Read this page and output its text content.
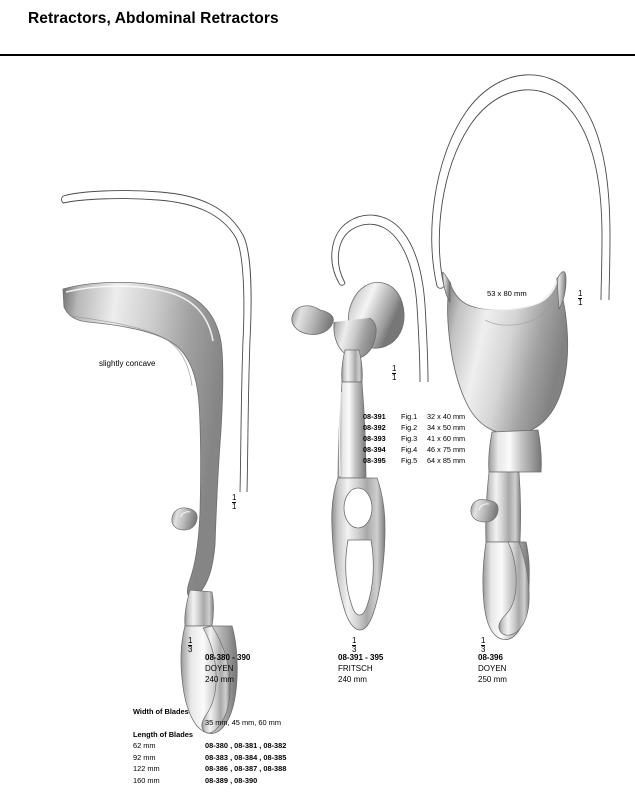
Retractors, Abdominal Retractors
slightly concave
53 x 80 mm
$\frac{1}{1}$
$\frac{1}{1}$
$\frac{1}{1}$
$\frac{1}{3}$	$\frac{1}{3}$	$\frac{1}{3}$
08-380 - 390
DOYEN
240 mm
08-391 - 395
FRITSCH
240 mm
08-396
DOYEN
250 mm
08-391 Fig.1 32 x 40 mm
08-392 Fig.2 34 x 50 mm
08-393 Fig.3 41 x 60 mm
08-394 Fig.4 46 x 75 mm
08-395 Fig.5 64 x 85 mm
Width of Blades
35 mm, 45 mm, 60 mm
Length of Blades
62 mm	08-380 , 08-381 , 08-382
92 mm	08-383 , 08-384 , 08-385
122 mm	08-386 , 08-387 , 08-388
160 mm	08-389 , 08-390
